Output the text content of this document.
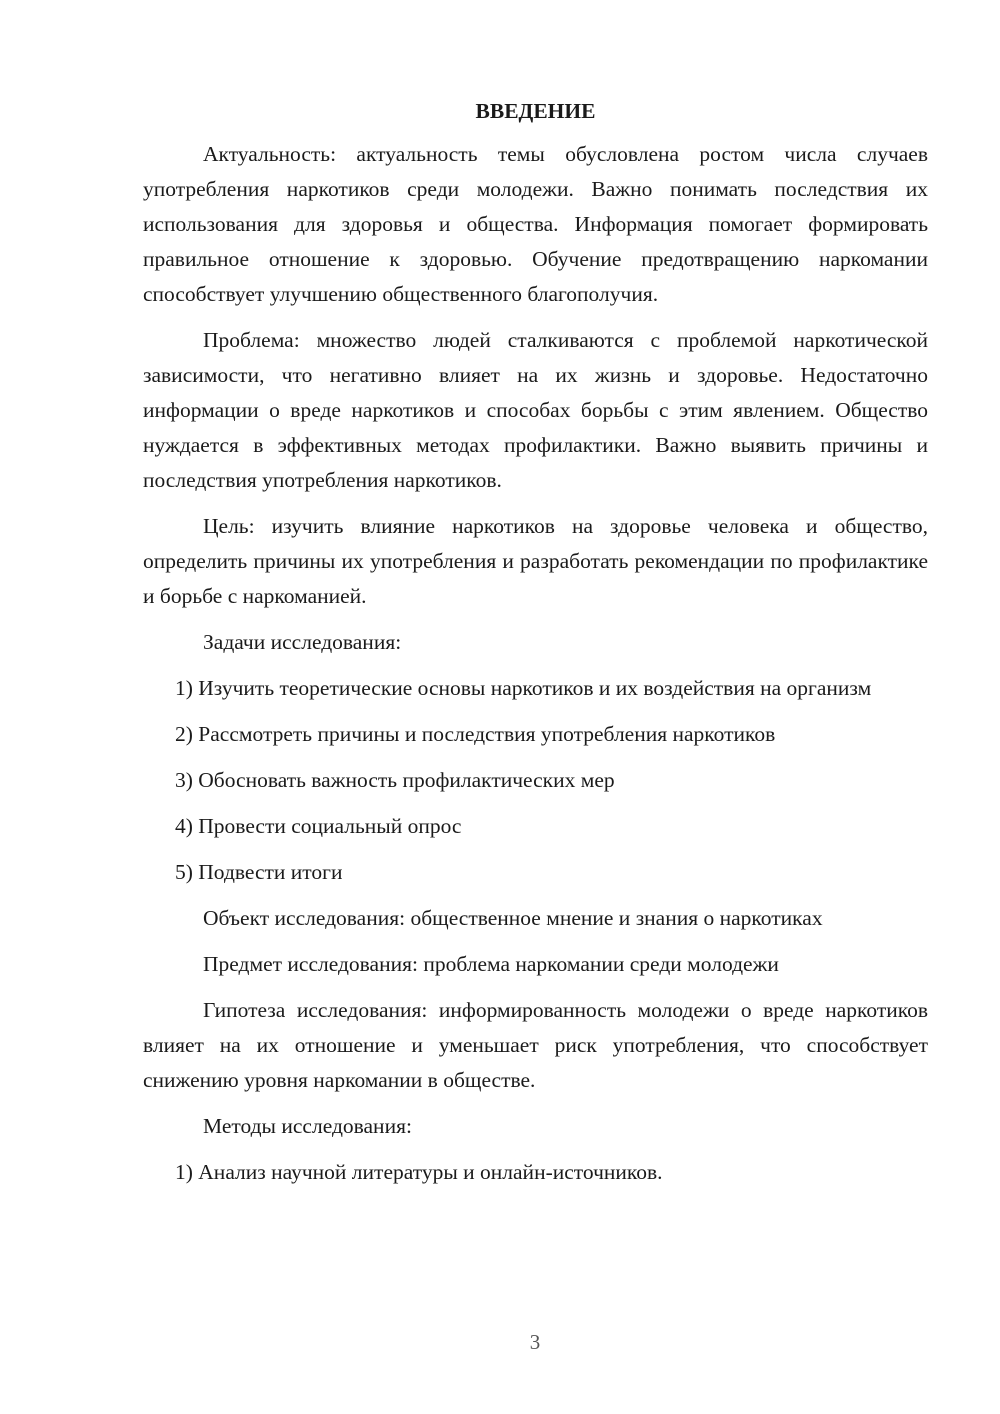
ВВЕДЕНИЕ

Актуальность: актуальность темы обусловлена ростом числа случаев употребления наркотиков среди молодежи. Важно понимать последствия их использования для здоровья и общества. Информация помогает формировать правильное отношение к здоровью. Обучение предотвращению наркомании способствует улучшению общественного благополучия.

Проблема: множество людей сталкиваются с проблемой наркотической зависимости, что негативно влияет на их жизнь и здоровье. Недостаточно информации о вреде наркотиков и способах борьбы с этим явлением. Общество нуждается в эффективных методах профилактики. Важно выявить причины и последствия употребления наркотиков.

Цель: изучить влияние наркотиков на здоровье человека и общество, определить причины их употребления и разработать рекомендации по профилактике и борьбе с наркоманией.

Задачи исследования:

1) Изучить теоретические основы наркотиков и их воздействия на организм

2) Рассмотреть причины и последствия употребления наркотиков

3) Обосновать важность профилактических мер

4) Провести социальный опрос

5) Подвести итоги

Объект исследования: общественное мнение и знания о наркотиках

Предмет исследования: проблема наркомании среди молодежи

Гипотеза исследования: информированность молодежи о вреде наркотиков влияет на их отношение и уменьшает риск употребления, что способствует снижению уровня наркомании в обществе.

Методы исследования:

1) Анализ научной литературы и онлайн-источников.

3
